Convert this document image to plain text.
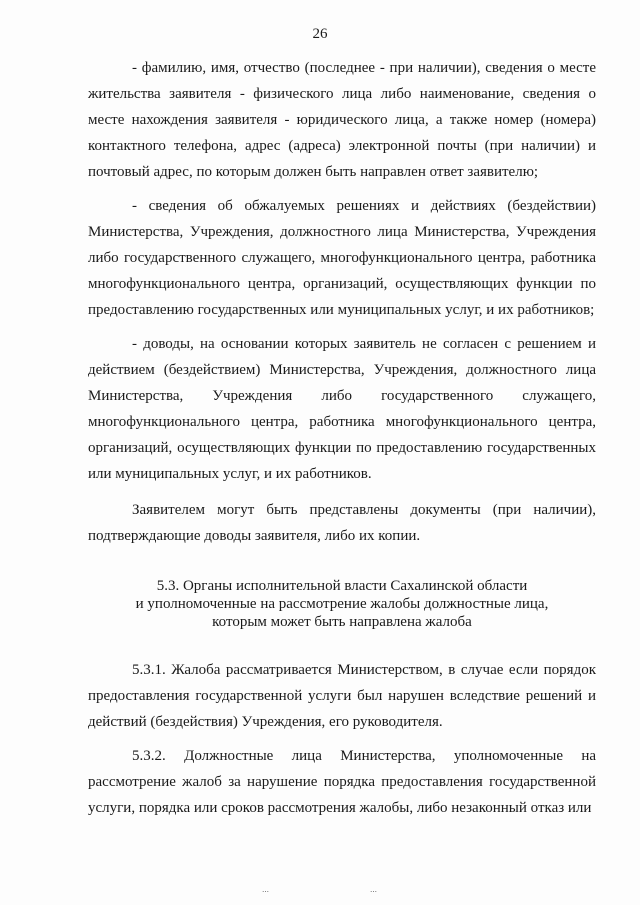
26

- фамилию, имя, отчество (последнее - при наличии), сведения о месте жительства заявителя - физического лица либо наименование, сведения о месте нахождения заявителя - юридического лица, а также номер (номера) контактного телефона, адрес (адреса) электронной почты (при наличии) и почтовый адрес, по которым должен быть направлен ответ заявителю;

- сведения об обжалуемых решениях и действиях (бездействии) Министерства, Учреждения, должностного лица Министерства, Учреждения либо государственного служащего, многофункционального центра, работника многофункционального центра, организаций, осуществляющих функции по предоставлению государственных или муниципальных услуг, и их работников;

- доводы, на основании которых заявитель не согласен с решением и действием (бездействием) Министерства, Учреждения, должностного лица Министерства, Учреждения либо государственного служащего, многофункционального центра, работника многофункционального центра, организаций, осуществляющих функции по предоставлению государственных или муниципальных услуг, и их работников.

Заявителем могут быть представлены документы (при наличии), подтверждающие доводы заявителя, либо их копии.

5.3. Органы исполнительной власти Сахалинской области
и уполномоченные на рассмотрение жалобы должностные лица,
которым может быть направлена жалоба

5.3.1. Жалоба рассматривается Министерством, в случае если порядок предоставления государственной услуги был нарушен вследствие решений и действий (бездействия) Учреждения, его руководителя.

5.3.2. Должностные лица Министерства, уполномоченные на рассмотрение жалоб за нарушение порядка предоставления государственной услуги, порядка или сроков рассмотрения жалобы, либо незаконный отказ или

⋯	⋯
